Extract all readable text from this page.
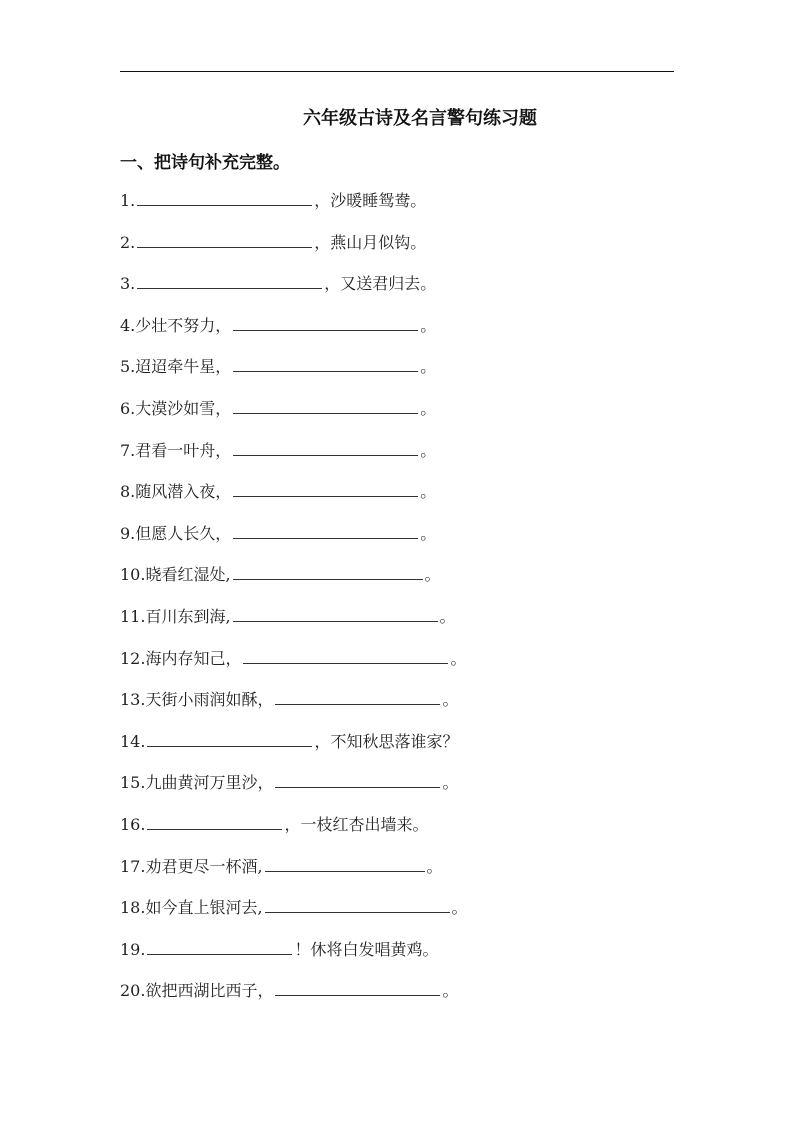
六年级古诗及名言警句练习题
一、把诗句补充完整。
1.	，沙暖睡鸳鸯。
2.	，燕山月似钩。
3.	，又送君归去。
4.少壮不努力，	。
5.迢迢牵牛星，	。
6.大漠沙如雪，	。
7.君看一叶舟，	。
8.随风潜入夜，	。
9.但愿人长久，	。
10.晓看红湿处,	。
11.百川东到海,	。
12.海内存知己，	。
13.天街小雨润如酥，	。
14.	，不知秋思落谁家？
15.九曲黄河万里沙，	。
16.	，一枝红杏出墙来。
17.劝君更尽一杯酒,	。
18.如今直上银河去,	。
19.	！休将白发唱黄鸡。
20.欲把西湖比西子，	。
